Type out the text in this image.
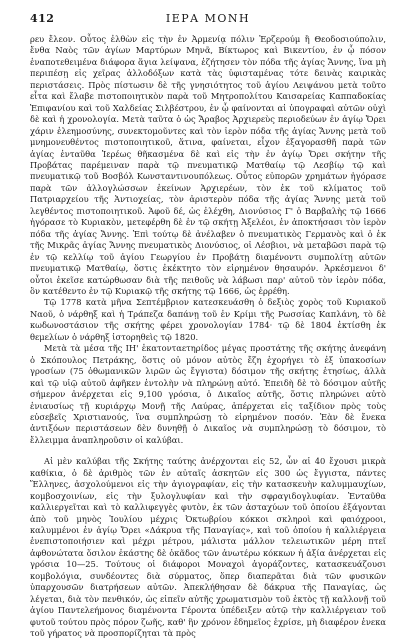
412	ΙΕΡΑ ΜΟΝΗ

ρευ ἔλεον. Οὗτος ἐλθὼν εἰς τὴν ἐν Ἀρμενίᾳ πόλιν Ἐρζερούμ ἢ Θεοδοσιούπολιν, ἔνθα Ναὸς τῶν ἁγίων Μαρτύρων Μηνᾶ, Βίκτωρος καὶ Βικεντίου, ἐν ᾧ πόσον ἐναποτεθειμένα διάφορα ἅγια λείψανα, ἐζήτησεν τὸν πόδα τῆς ἁγίας Ἄννης, ἵνα μὴ περιπέσῃ εἰς χεῖρας ἀλλοδόξων κατὰ τὰς ὑφισταμένας τότε δεινὰς καιρικὰς περιστάσεις. Πρὸς πίστωσιν δὲ τῆς γνησιότητος τοῦ ἁγίου Λειψάνου μετὰ τοῦτο εἶτα καὶ ἔλαβε πιστοποιητικὸν παρὰ τοῦ Μητροπολίτου Καισαρείας Καππαδοκίας Ἐπιφανίου καὶ τοῦ Χαλδείας Σιλβέστρου, ἐν ᾧ φαίνονται αἱ ὑπογραφαὶ αὐτῶν οὐχὶ δὲ καὶ ἡ χρονολογία. Μετὰ ταῦτα ὁ ὡς Ἄραβος Ἀρχιερεὺς περιοδεύων ἐν ἁγίῳ Ὄρει χάριν ἐλεημοσύνης, συνεκτομοῦντες καὶ τὸν ἱερὸν πόδα τῆς ἁγίας Ἄννης μετὰ τοῦ μνημονευθέντος πιστοποιητικοῦ, ἅτινα, φαίνεται, εἶχον ἐξαγορασθῆ παρὰ τῶν ἁγίας ἐνταῦθα Ἱερέως θῆκασμένα δὲ καὶ εἰς τὴν ἐν ἁγίῳ Ὄρει σκήτην τῆς Προβάτας παρέμειναν παρὰ τῷ πνευματικῷ Ματθαίῳ τῷ Λεσβίῳ τῷ καὶ πνευματικῷ τοῦ Βοσβόλ Κωνσταντινουπόλεως. Οὗτος εὐπορῶν χρημάτων ἠγόρασε παρὰ τῶν ἀλλογλώσσων ἐκείνων Ἀρχιερέων, τὸν ἐκ τοῦ κλίματος τοῦ Πατριαρχείου τῆς Ἀντιοχείας, τὸν ἀριστερὸν πόδα τῆς ἁγίας Ἄννης μετὰ τοῦ λεγθέντος πιστοποιητικοῦ. Ἀφοῦ δέ, ὡς ἐλέχθη, Διονύσιος Γ' ὁ Βαρβαλὴς τῷ 1666 ἠγόρασε τὸ Κυριακὸν, μετεφέρθη δὲ ἐν τῷ σκήτῃ Ἀξελέοι, ἐν ἀποκτήσασι τὸν ἱερὸν πόδα τῆς ἁγίας Ἄννης. Ἐπὶ τούτῳ δὲ ἀνέλαβεν ὁ πνευματικὸς Γερμανὸς καὶ ὁ ἐκ τῆς Μικρᾶς ἁγίας Ἄννης πνευματικὸς Διονύσιος, οἱ Λέσβιοι, νὰ μεταβῶσι παρὰ τῷ ἐν τῷ κελλίῳ τοῦ ἁγίου Γεωργίου ἐν Προβάτῃ διαμένοντι συμπολίτῃ αὐτῶν πνευματικῷ Ματθαίῳ, ὅστις ἐκέκτητο τὸν εἰρημένον θησαυρόν. Ἀρκέσμενοι δ' οὗτοι ἐκεῖσε κατώρθωσαν διὰ τῆς πειθοῦς νὰ λάβωσι παρ' αὐτοῦ τὸν ἱερὸν πόδα, ὃν κατέθεντο ἐν τῷ Κυριακῷ τῆς σκήτης τῷ 1666, ὡς ἐρρέθη.

Τῷ 1778 κατὰ μῆνα Σεπτέμβριον κατεσκευάσθη ὁ δεξιὸς χορὸς τοῦ Κυριακοῦ Ναοῦ, ὁ νάρθηξ καὶ ἡ Τράπεζα δαπάνῃ τοῦ ἐν Κρίμι τῆς Ρωσσίας Καπλάνη, τὸ δὲ κωδωνοστάσιον τῆς σκήτης φέρει χρονολογίαν 1784· τῷ δὲ 1804 ἐκτίσθη ἐκ θεμελίων ὁ νάρθηξ ἱστορηθεὶς τῷ 1820.

Μετὰ τὰ μέσα τῆς ΙΗ' ἑκατονταετηρίδος μέγας προστάτης τῆς σκήτης ἀνεφάνη ὁ Σκόπουλος Πετράκης, ὅστις οὐ μόνον αὐτὸς ἔζη ἐχορήγει τὸ ἐξ ὑπακοσίων γροσίων (75 ὀθωμανικῶν λιρῶν ὡς ἔγγιστα) δόσιμον τῆς σκήτης ἐτησίως, ἀλλὰ καὶ τῷ υἱῷ αὐτοῦ ἀφῆκεν ἐντολὴν νὰ πληρώνῃ αὐτό. Ἐπειδὴ δὲ τὸ δόσιμον αὐτῆς σήμερον ἀνέρχεται εἰς 9,100 γρόσια, ὁ Δικαῖος αὐτῆς, ὅστις πληρώνει αὐτὸ ἐνιαυσίως τῇ κυριάρχῳ Μονῇ τῆς Λαύρας, ἀπέρχεται εἰς ταξίδιον πρὸς τοὺς εὐσεβεῖς Χριστιανούς, ἵνα συμπληρώσῃ τὸ εἰρημένον ποσόν. Ἐὰν δὲ ἔνεκα ἀντιξόων περιστάσεων δὲν δυνηθῇ ὁ Δικαῖος νὰ συμπληρώσῃ τὸ δόσιμον, τὸ ἔλλειμμα ἀναπληροῦσιν οἱ καλύβαι.

Αἱ μὲν καλύβαι τῆς Σκήτης ταύτης ἀνέρχονται εἰς 52, ὧν αἱ 40 ἔχουσι μικρὰ καθίκια, ὁ δὲ ἀριθμὸς τῶν ἐν αὐταῖς ἀσκητῶν εἰς 300 ὡς ἔγγιστα, πάντες Ἕλληνες, ἀσχολούμενοι εἰς τὴν ἁγιογραφίαν, εἰς τὴν κατασκευὴν καλυμμαυχίων, κομβοσχοινίων, εἰς τὴν ξυλογλυφίαν καὶ τὴν σφραγιδογλυφίαν. Ἐνταῦθα καλλιεργεῖται καὶ τὸ καλλιφεγγὲς φυτὸν, ἐκ τῶν ἀσταχύων τοῦ ὁποίου ἐξάγονται ἀπὸ τοῦ μηνὸς Ἰουλίου μέχρις Ὀκτωβρίου κόκκοι σκληροὶ καὶ φαιόχροοι, καλυμμένοι ἐν ἁγίῳ Ὄρει «Δάκρυα τῆς Παναγίας», καὶ τοῦ ὁποίου ἡ καλλιέργεια ἐνεπιστοποιήσιεν καὶ μέχρι μέτρου, μάλιστα μάλλον τελειωτικῶν μέρη πτεῖ ἀφθονώτατα ὅσιλον ἐκάστης δὲ ὁκᾶδος τῶν ἀνωτέρω κόκκων ἡ ἀξία ἀνέρχεται εἰς γρόσια 10—25. Τούτους οἱ διάφοροι Μοναχοὶ ἀγοράζοντες, κατασκευάζουσι κομβολόγια, συνδέοντες διὰ σύρματος, ὅπερ διαπερᾶται διὰ τῶν φυσικῶν ὑπαρχουσῶν διατρήσεων αὐτῶν. Ἀπεκλήθησαν δὲ δάκρυα τῆς Παναγίας, ὡς λέγεται, διὰ τὸν πενθικόν, ὡς εἰπεῖν αὐτῆς χρωματισμὸν τοῦ ἐκτὸς τῇ καλλονῇ τοῦ ἁγίου Παντελεήμονος διαμένοντα Γέροντα ὑπέδειξεν αὐτῷ τὴν καλλιέργειαν τοῦ φυτοῦ τούτου πρὸς πόρον ζωῆς, καθ' ἣν χρόνον ἐδημεῖος ἐχρίσε, μὴ διαφέρον ἐνεκα τοῦ γήρατος νὰ προσπορίζηται τὰ πρὸς
